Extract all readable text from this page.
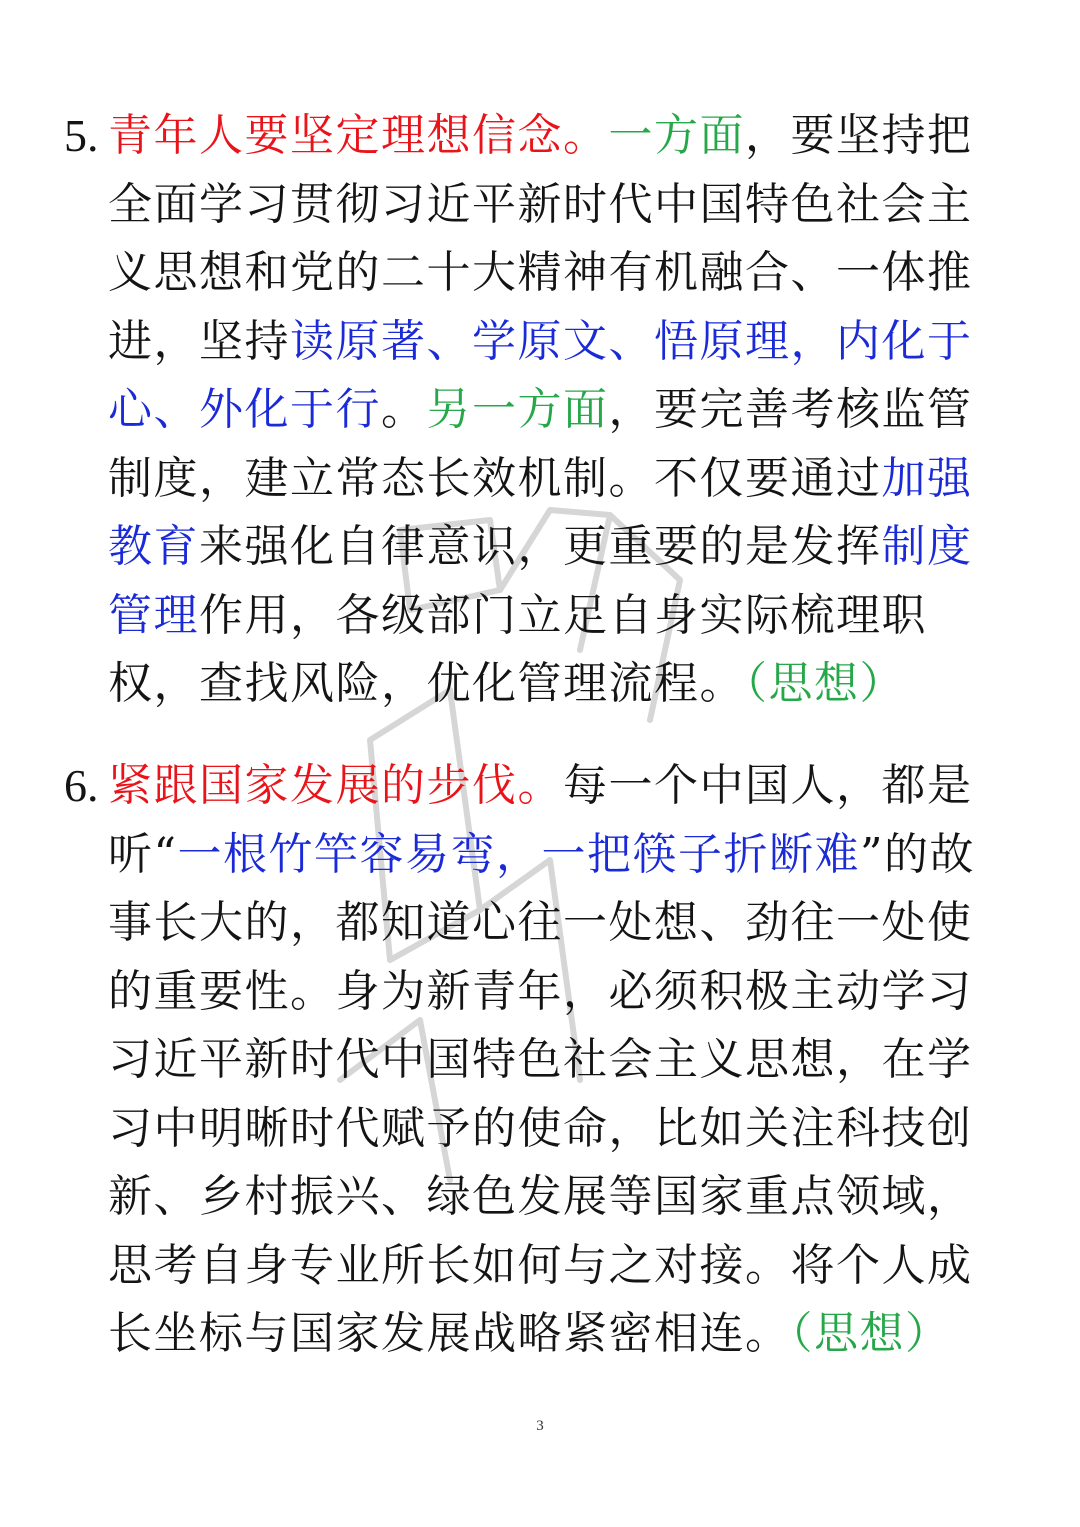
5. 青年人要坚定理想信念。一方面，要坚持把全面学习贯彻习近平新时代中国特色社会主义思想和党的二十大精神有机融合、一体推进，坚持读原著、学原文、悟原理，内化于心、外化于行。另一方面，要完善考核监管制度，建立常态长效机制。不仅要通过加强教育来强化自律意识，更重要的是发挥制度管理作用，各级部门立足自身实际梳理职权，查找风险，优化管理流程。（思想）

6. 紧跟国家发展的步伐。每一个中国人，都是听“一根竹竿容易弯，一把筷子折断难”的故事长大的，都知道心往一处想、劲往一处使的重要性。身为新青年，必须积极主动学习习近平新时代中国特色社会主义思想，在学习中明晰时代赋予的使命，比如关注科技创新、乡村振兴、绿色发展等国家重点领域，思考自身专业所长如何与之对接。将个人成长坐标与国家发展战略紧密相连。（思想）

3
